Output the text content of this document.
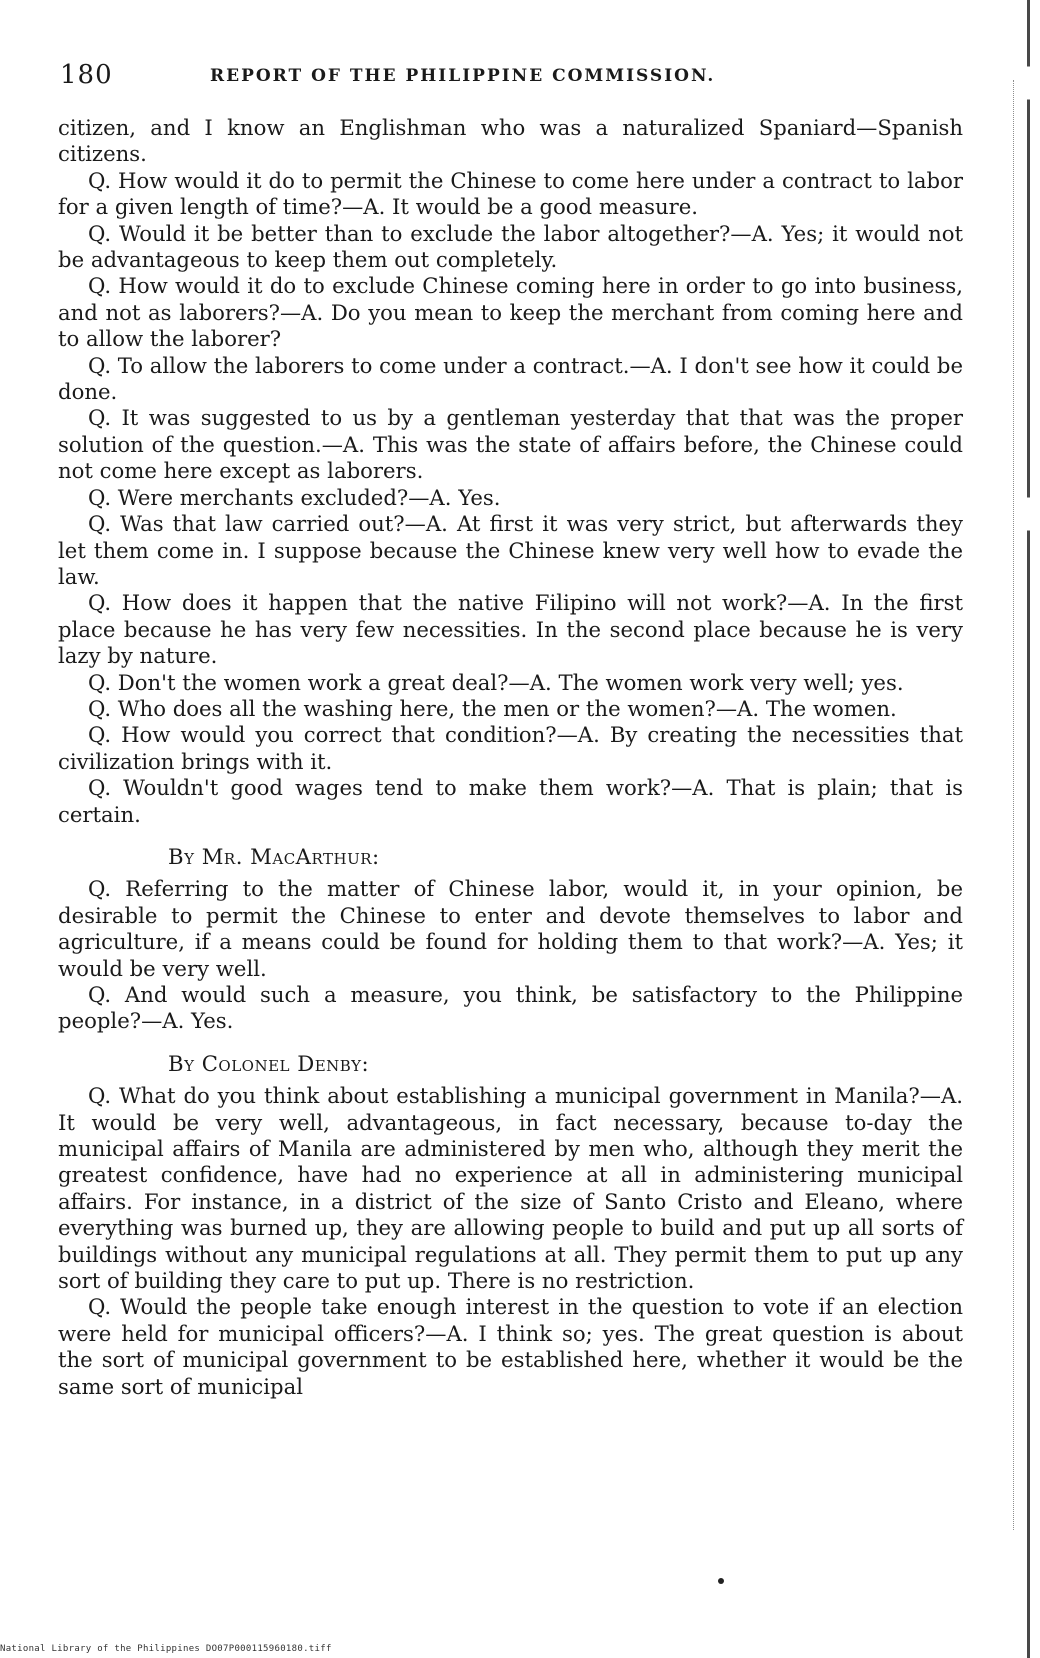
180	REPORT OF THE PHILIPPINE COMMISSION.

citizen, and I know an Englishman who was a naturalized Spaniard—Spanish citizens.

Q. How would it do to permit the Chinese to come here under a contract to labor for a given length of time?—A. It would be a good measure.

Q. Would it be better than to exclude the labor altogether?—A. Yes; it would not be advantageous to keep them out completely.

Q. How would it do to exclude Chinese coming here in order to go into business, and not as laborers?—A. Do you mean to keep the merchant from coming here and to allow the laborer?

Q. To allow the laborers to come under a contract.—A. I don't see how it could be done.

Q. It was suggested to us by a gentleman yesterday that that was the proper solution of the question.—A. This was the state of affairs before, the Chinese could not come here except as laborers.

Q. Were merchants excluded?—A. Yes.

Q. Was that law carried out?—A. At first it was very strict, but afterwards they let them come in. I suppose because the Chinese knew very well how to evade the law.

Q. How does it happen that the native Filipino will not work?—A. In the first place because he has very few necessities. In the second place because he is very lazy by nature.

Q. Don't the women work a great deal?—A. The women work very well; yes.

Q. Who does all the washing here, the men or the women?—A. The women.

Q. How would you correct that condition?—A. By creating the necessities that civilization brings with it.

Q. Wouldn't good wages tend to make them work?—A. That is plain; that is certain.

By Mr. MacArthur:

Q. Referring to the matter of Chinese labor, would it, in your opinion, be desirable to permit the Chinese to enter and devote themselves to labor and agriculture, if a means could be found for holding them to that work?—A. Yes; it would be very well.

Q. And would such a measure, you think, be satisfactory to the Philippine people?—A. Yes.

By Colonel Denby:

Q. What do you think about establishing a municipal government in Manila?—A. It would be very well, advantageous, in fact necessary, because to-day the municipal affairs of Manila are administered by men who, although they merit the greatest confidence, have had no experience at all in administering municipal affairs. For instance, in a district of the size of Santo Cristo and Eleano, where everything was burned up, they are allowing people to build and put up all sorts of buildings without any municipal regulations at all. They permit them to put up any sort of building they care to put up. There is no restriction.

Q. Would the people take enough interest in the question to vote if an election were held for municipal officers?—A. I think so; yes. The great question is about the sort of municipal government to be established here, whether it would be the same sort of municipal

National Library of the Philippines DO07P000115960180.tiff
